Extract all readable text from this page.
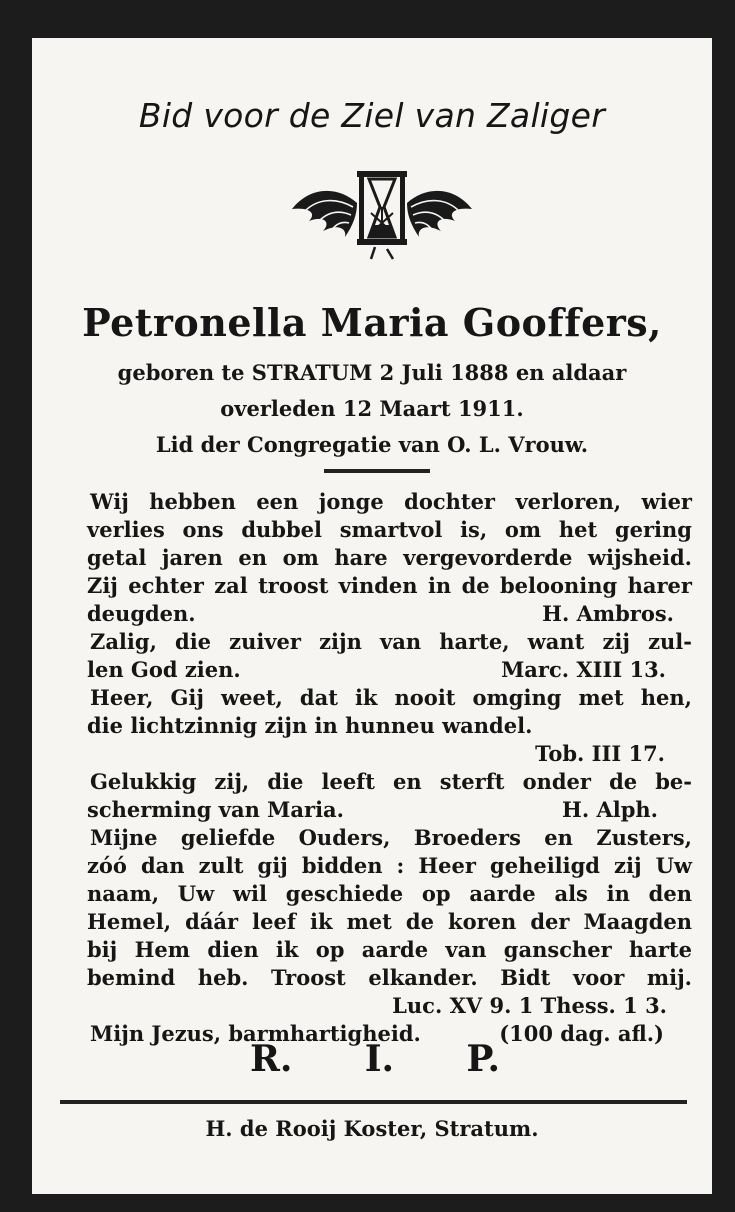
Bid voor de Ziel van Zaliger
Petronella Maria Gooffers,
geboren te STRATUM 2 Juli 1888 en aldaar
overleden 12 Maart 1911.
Lid der Congregatie van O. L. Vrouw.
Wij hebben een jonge dochter verloren, wier
verlies ons dubbel smartvol is, om het gering
getal jaren en om hare vergevorderde wijsheid.
Zij echter zal troost vinden in de belooning harer
deugden.	H. Ambros.
Zalig, die zuiver zijn van harte, want zij zul-
len God zien.	Marc. XIII 13.
Heer, Gij weet, dat ik nooit omging met hen,
die lichtzinnig zijn in hunneu wandel.
Tob. III 17.
Gelukkig zij, die leeft en sterft onder de be-
scherming van Maria.	H. Alph.
Mijne geliefde Ouders, Broeders en Zusters,
zóó dan zult gij bidden : Heer geheiligd zij Uw
naam, Uw wil geschiede op aarde als in den
Hemel, dáár leef ik met de koren der Maagden
bij Hem dien ik op aarde van ganscher harte
bemind heb. Troost elkander. Bidt voor mij.
Luc. XV 9. 1 Thess. 1 3.
Mijn Jezus, barmhartigheid.	(100 dag. afl.)
R. I. P.
H. de Rooij Koster, Stratum.
